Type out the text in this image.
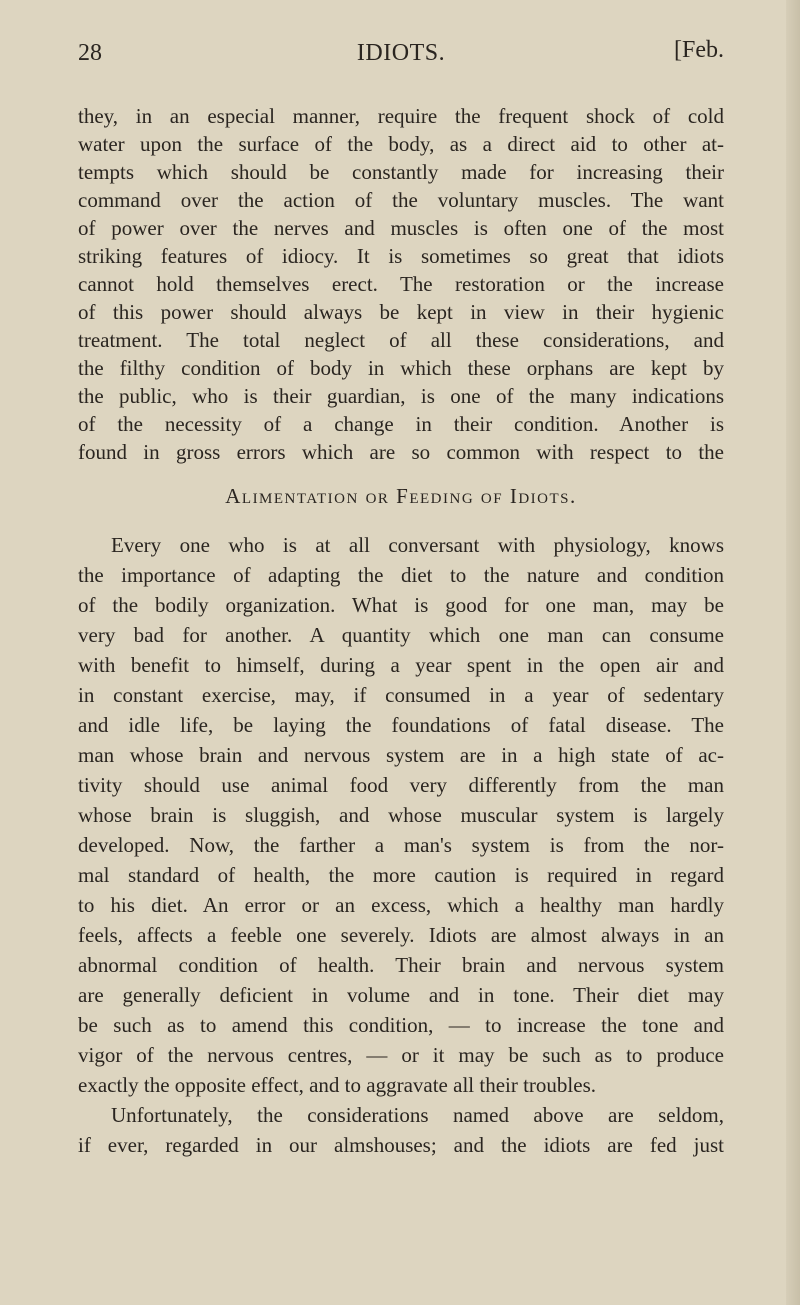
28	IDIOTS.	[Feb.
they, in an especial manner, require the frequent shock of cold
water upon the surface of the body, as a direct aid to other at-
tempts which should be constantly made for increasing their
command over the action of the voluntary muscles. The want
of power over the nerves and muscles is often one of the most
striking features of idiocy. It is sometimes so great that idiots
cannot hold themselves erect. The restoration or the increase
of this power should always be kept in view in their hygienic
treatment. The total neglect of all these considerations, and
the filthy condition of body in which these orphans are kept by
the public, who is their guardian, is one of the many indications
of the necessity of a change in their condition. Another is
found in gross errors which are so common with respect to the
Alimentation or Feeding of Idiots.
Every one who is at all conversant with physiology, knows
the importance of adapting the diet to the nature and condition
of the bodily organization. What is good for one man, may be
very bad for another. A quantity which one man can consume
with benefit to himself, during a year spent in the open air and
in constant exercise, may, if consumed in a year of sedentary
and idle life, be laying the foundations of fatal disease. The
man whose brain and nervous system are in a high state of ac-
tivity should use animal food very differently from the man
whose brain is sluggish, and whose muscular system is largely
developed. Now, the farther a man's system is from the nor-
mal standard of health, the more caution is required in regard
to his diet. An error or an excess, which a healthy man hardly
feels, affects a feeble one severely. Idiots are almost always in an
abnormal condition of health. Their brain and nervous system
are generally deficient in volume and in tone. Their diet may
be such as to amend this condition, — to increase the tone and
vigor of the nervous centres, — or it may be such as to produce
exactly the opposite effect, and to aggravate all their troubles.
Unfortunately, the considerations named above are seldom,
if ever, regarded in our almshouses; and the idiots are fed just
